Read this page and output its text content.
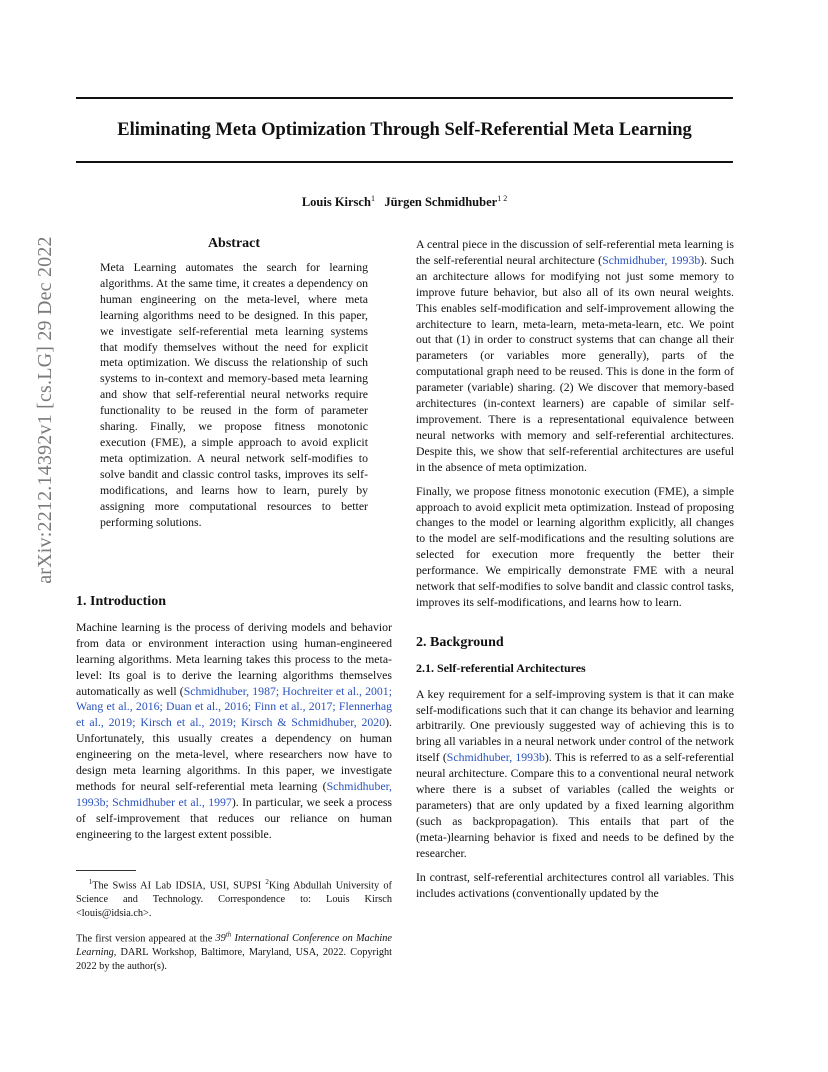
Eliminating Meta Optimization Through Self-Referential Meta Learning
Louis Kirsch$^1$ Jürgen Schmidhuber$^{1 2}$
arXiv:2212.14392v1 [cs.LG] 29 Dec 2022	Abstract

Meta Learning automates the search for learning algorithms. At the same time, it creates a dependency on human engineering on the meta-level, where meta learning algorithms need to be designed. In this paper, we investigate self-referential meta learning systems that modify themselves without the need for explicit meta optimization. We discuss the relationship of such systems to in-context and memory-based meta learning and show that self-referential neural networks require functionality to be reused in the form of parameter sharing. Finally, we propose fitness monotonic execution (FME), a simple approach to avoid explicit meta optimization. A neural network self-modifies to solve bandit and classic control tasks, improves its self-modifications, and learns how to learn, purely by assigning more computational resources to better performing solutions.

1. Introduction

Machine learning is the process of deriving models and behavior from data or environment interaction using human-engineered learning algorithms. Meta learning takes this process to the meta-level: Its goal is to derive the learning algorithms themselves automatically as well (Schmidhuber, 1987; Hochreiter et al., 2001; Wang et al., 2016; Duan et al., 2016; Finn et al., 2017; Flennerhag et al., 2019; Kirsch et al., 2019; Kirsch & Schmidhuber, 2020). Unfortunately, this usually creates a dependency on human engineering on the meta-level, where researchers now have to design meta learning algorithms. In this paper, we investigate methods for neural self-referential meta learning (Schmidhuber, 1993b; Schmidhuber et al., 1997). In particular, we seek a process of self-improvement that reduces our reliance on human engineering to the largest extent possible.

$^1$The Swiss AI Lab IDSIA, USI, SUPSI $^2$King Abdullah University of Science and Technology. Correspondence to: Louis Kirsch <louis@idsia.ch>.
The first version appeared at the 39th International Conference on Machine Learning, DARL Workshop, Baltimore, Maryland, USA, 2022. Copyright 2022 by the author(s).

A central piece in the discussion of self-referential meta learning is the self-referential neural architecture (Schmidhuber, 1993b). Such an architecture allows for modifying not just some memory to improve future behavior, but also all of its own neural weights. This enables self-modification and self-improvement allowing the architecture to learn, meta-learn, meta-meta-learn, etc. We point out that (1) in order to construct systems that can change all their parameters (or variables more generally), parts of the computational graph need to be reused. This is done in the form of parameter (variable) sharing. (2) We discover that memory-based architectures (in-context learners) are capable of similar self-improvement. There is a representational equivalence between neural networks with memory and self-referential architectures. Despite this, we show that self-referential architectures are useful in the absence of meta optimization.

Finally, we propose fitness monotonic execution (FME), a simple approach to avoid explicit meta optimization. Instead of proposing changes to the model or learning algorithm explicitly, all changes to the model are self-modifications and the resulting solutions are selected for execution more frequently the better their performance. We empirically demonstrate FME with a neural network that self-modifies to solve bandit and classic control tasks, improves its self-modifications, and learns how to learn.

2. Background
2.1. Self-referential Architectures

A key requirement for a self-improving system is that it can make self-modifications such that it can change its behavior and learning arbitrarily. One previously suggested way of achieving this is to bring all variables in a neural network under control of the network itself (Schmidhuber, 1993b). This is referred to as a self-referential neural architecture. Compare this to a conventional neural network where there is a subset of variables (called the weights or parameters) that are only updated by a fixed learning algorithm (such as backpropagation). This entails that part of the (meta-)learning behavior is fixed and needs to be defined by the researcher.

In contrast, self-referential architectures control all variables. This includes activations (conventionally updated by the
